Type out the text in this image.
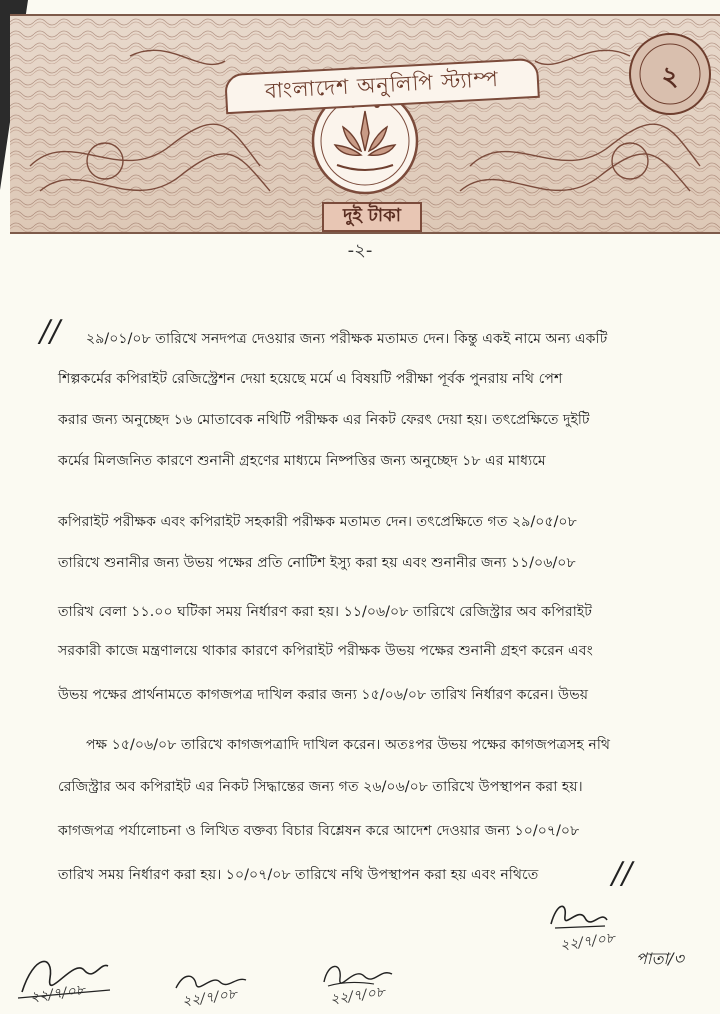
বাংলাদেশ অনুলিপি স্ট্যাম্প	২
দুই টাকা
-২-
// ২৯/০১/০৮ তারিখে সনদপত্র দেওয়ার জন্য পরীক্ষক মতামত দেন। কিন্তু একই নামে অন্য একটি
শিল্পকর্মের কপিরাইট রেজিস্ট্রেশন দেয়া হয়েছে মর্মে এ বিষয়টি পরীক্ষা পূর্বক পুনরায় নথি পেশ
করার জন্য অনুচ্ছেদ ১৬ মোতাবেক নথিটি পরীক্ষক এর নিকট ফেরৎ দেয়া হয়। তৎপ্রেক্ষিতে দুইটি
কর্মের মিলজনিত কারণে শুনানী গ্রহণের মাধ্যমে নিষ্পত্তির জন্য অনুচ্ছেদ ১৮ এর মাধ্যমে
কপিরাইট পরীক্ষক এবং কপিরাইট সহকারী পরীক্ষক মতামত দেন। তৎপ্রেক্ষিতে গত ২৯/০৫/০৮
তারিখে শুনানীর জন্য উভয় পক্ষের প্রতি নোটিশ ইস্যু করা হয় এবং শুনানীর জন্য ১১/০৬/০৮
তারিখ বেলা ১১.০০ ঘটিকা সময় নির্ধারণ করা হয়। ১১/০৬/০৮ তারিখে রেজিস্ট্রার অব কপিরাইট
সরকারী কাজে মন্ত্রণালয়ে থাকার কারণে কপিরাইট পরীক্ষক উভয় পক্ষের শুনানী গ্রহণ করেন এবং
উভয় পক্ষের প্রার্থনামতে কাগজপত্র দাখিল করার জন্য ১৫/০৬/০৮ তারিখ নির্ধারণ করেন। উভয়
পক্ষ ১৫/০৬/০৮ তারিখে কাগজপত্রাদি দাখিল করেন। অতঃপর উভয় পক্ষের কাগজপত্রসহ নথি
রেজিস্ট্রার অব কপিরাইট এর নিকট সিদ্ধান্তের জন্য গত ২৬/০৬/০৮ তারিখে উপস্থাপন করা হয়।
কাগজপত্র পর্যালোচনা ও লিখিত বক্তব্য বিচার বিশ্লেষন করে আদেশ দেওয়ার জন্য ১০/০৭/০৮
তারিখ সময় নির্ধারণ করা হয়। ১০/০৭/০৮ তারিখে নথি উপস্থাপন করা হয় এবং নথিতে //
২২/৭/০৮
পাতা/৩
২২/৭/০৮	২২/৭/০৮	২২/৭/০৮
